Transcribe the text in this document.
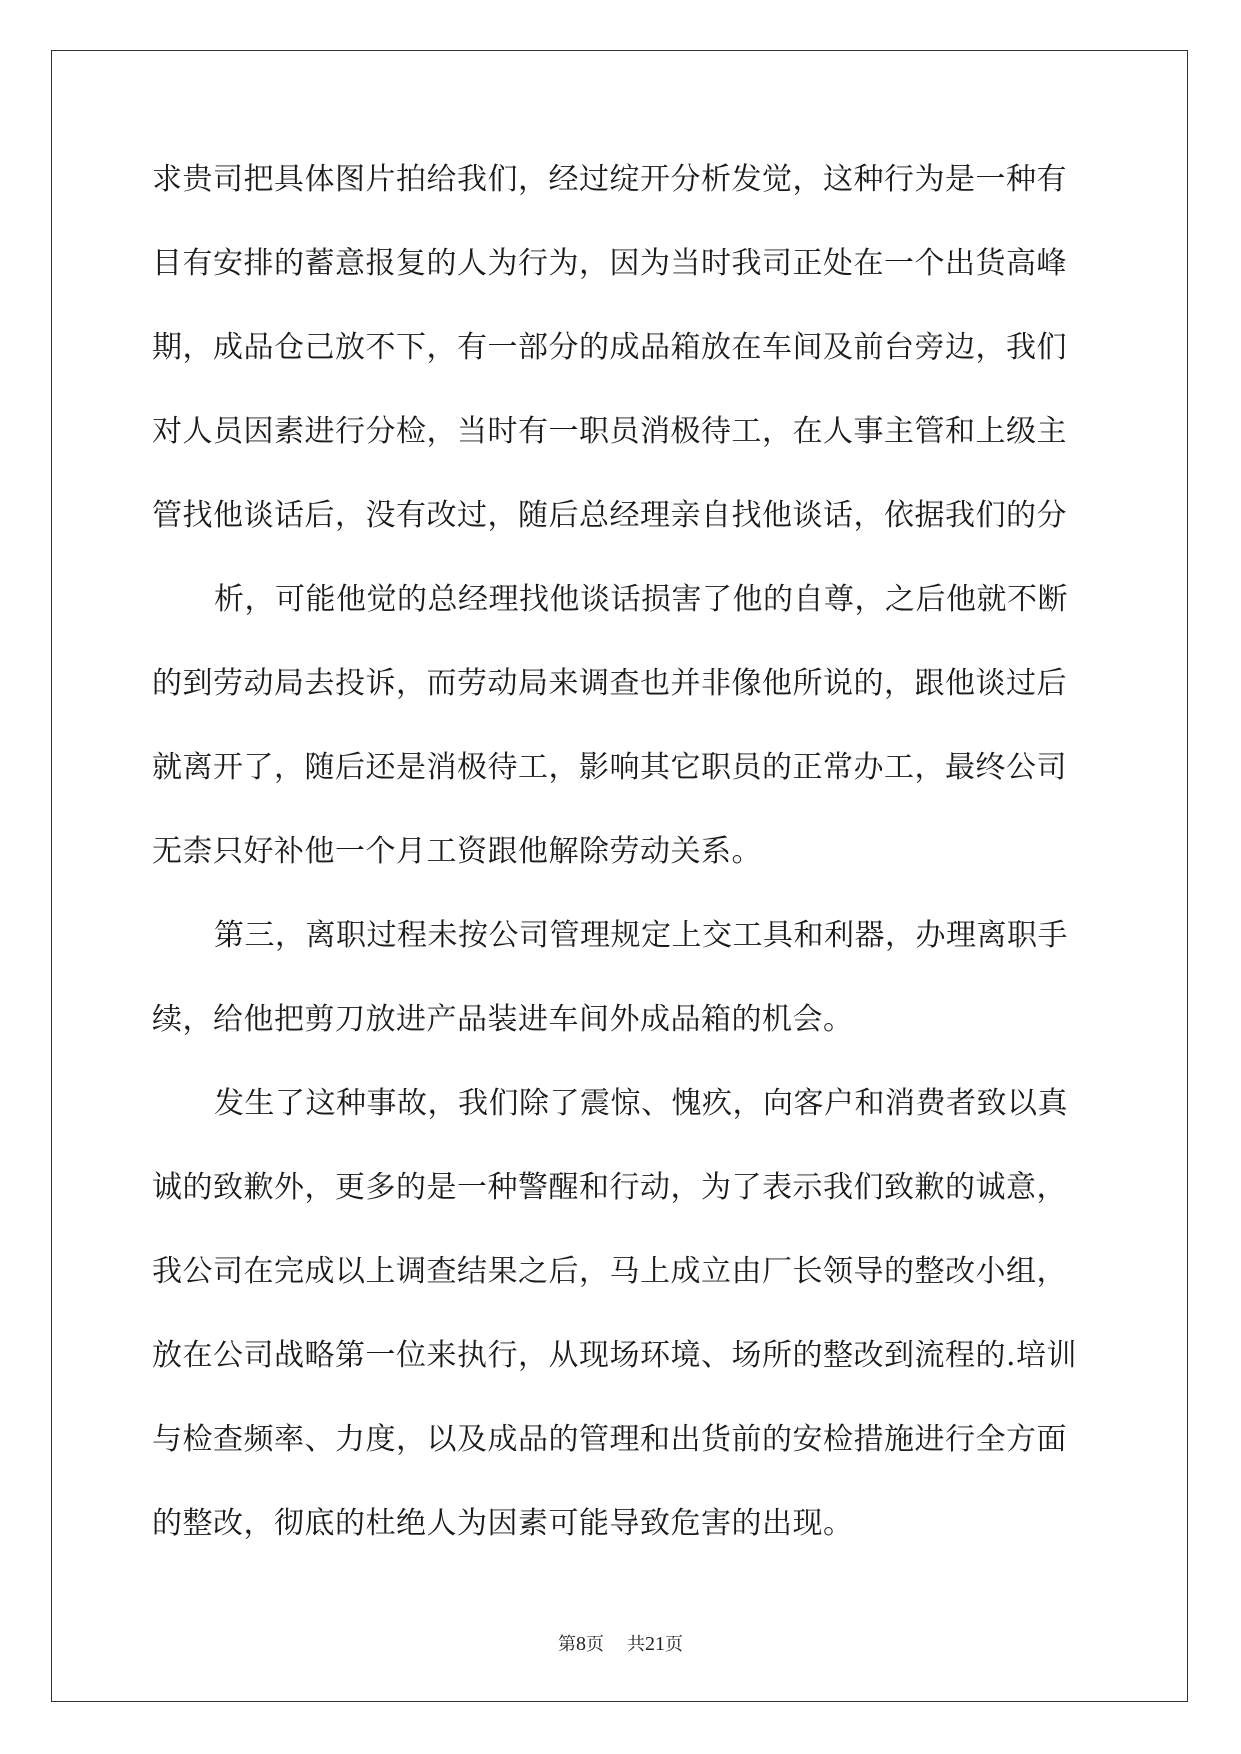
求贵司把具体图片拍给我们，经过绽开分析发觉，这种行为是一种有
目有安排的蓄意报复的人为行为，因为当时我司正处在一个出货高峰
期，成品仓己放不下，有一部分的成品箱放在车间及前台旁边，我们
对人员因素进行分检，当时有一职员消极待工，在人事主管和上级主
管找他谈话后，没有改过，随后总经理亲自找他谈话，依据我们的分
析，可能他觉的总经理找他谈话损害了他的自尊，之后他就不断
的到劳动局去投诉，而劳动局来调查也并非像他所说的，跟他谈过后
就离开了，随后还是消极待工，影响其它职员的正常办工，最终公司
无柰只好补他一个月工资跟他解除劳动关系。
第三，离职过程未按公司管理规定上交工具和利器，办理离职手
续，给他把剪刀放进产品装进车间外成品箱的机会。
发生了这种事故，我们除了震惊、愧疚，向客户和消费者致以真
诚的致歉外，更多的是一种警醒和行动，为了表示我们致歉的诚意，
我公司在完成以上调查结果之后，马上成立由厂长领导的整改小组，
放在公司战略第一位来执行，从现场环境、场所的整改到流程的.培训
与检查频率、力度，以及成品的管理和出货前的安检措施进行全方面
的整改，彻底的杜绝人为因素可能导致危害的出现。
第8页 共21页
